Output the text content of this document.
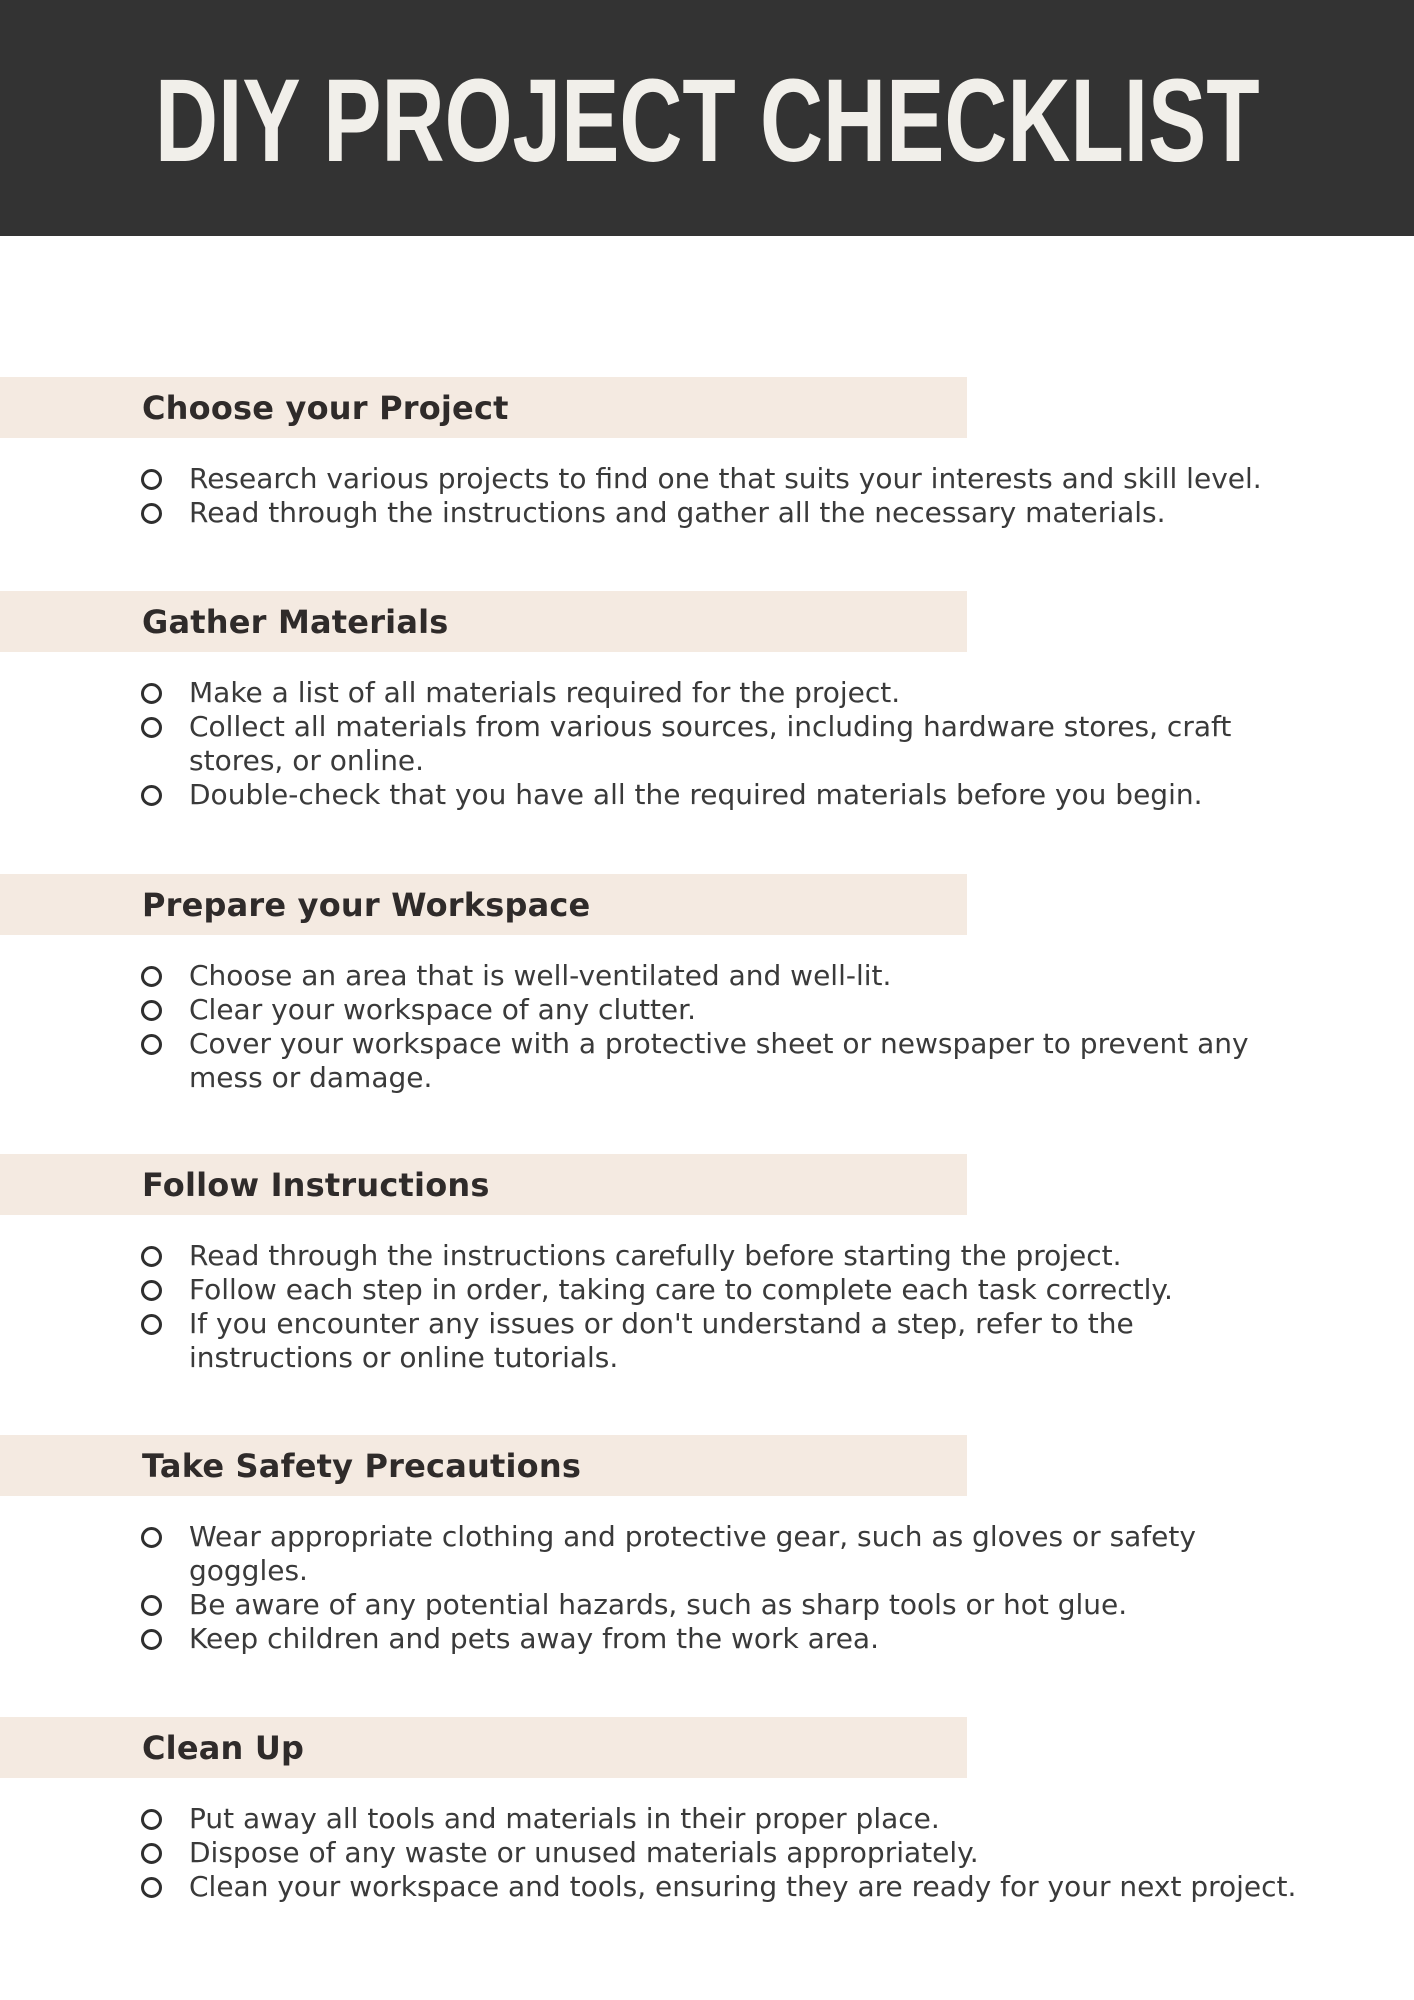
DIY PROJECT CHECKLIST
Choose your Project
Research various projects to find one that suits your interests and skill level.
Read through the instructions and gather all the necessary materials.
Gather Materials
Make a list of all materials required for the project.
Collect all materials from various sources, including hardware stores, craft stores, or online.
Double-check that you have all the required materials before you begin.
Prepare your Workspace
Choose an area that is well-ventilated and well-lit.
Clear your workspace of any clutter.
Cover your workspace with a protective sheet or newspaper to prevent any mess or damage.
Follow Instructions
Read through the instructions carefully before starting the project.
Follow each step in order, taking care to complete each task correctly.
If you encounter any issues or don't understand a step, refer to the instructions or online tutorials.
Take Safety Precautions
Wear appropriate clothing and protective gear, such as gloves or safety goggles.
Be aware of any potential hazards, such as sharp tools or hot glue.
Keep children and pets away from the work area.
Clean Up
Put away all tools and materials in their proper place.
Dispose of any waste or unused materials appropriately.
Clean your workspace and tools, ensuring they are ready for your next project.
